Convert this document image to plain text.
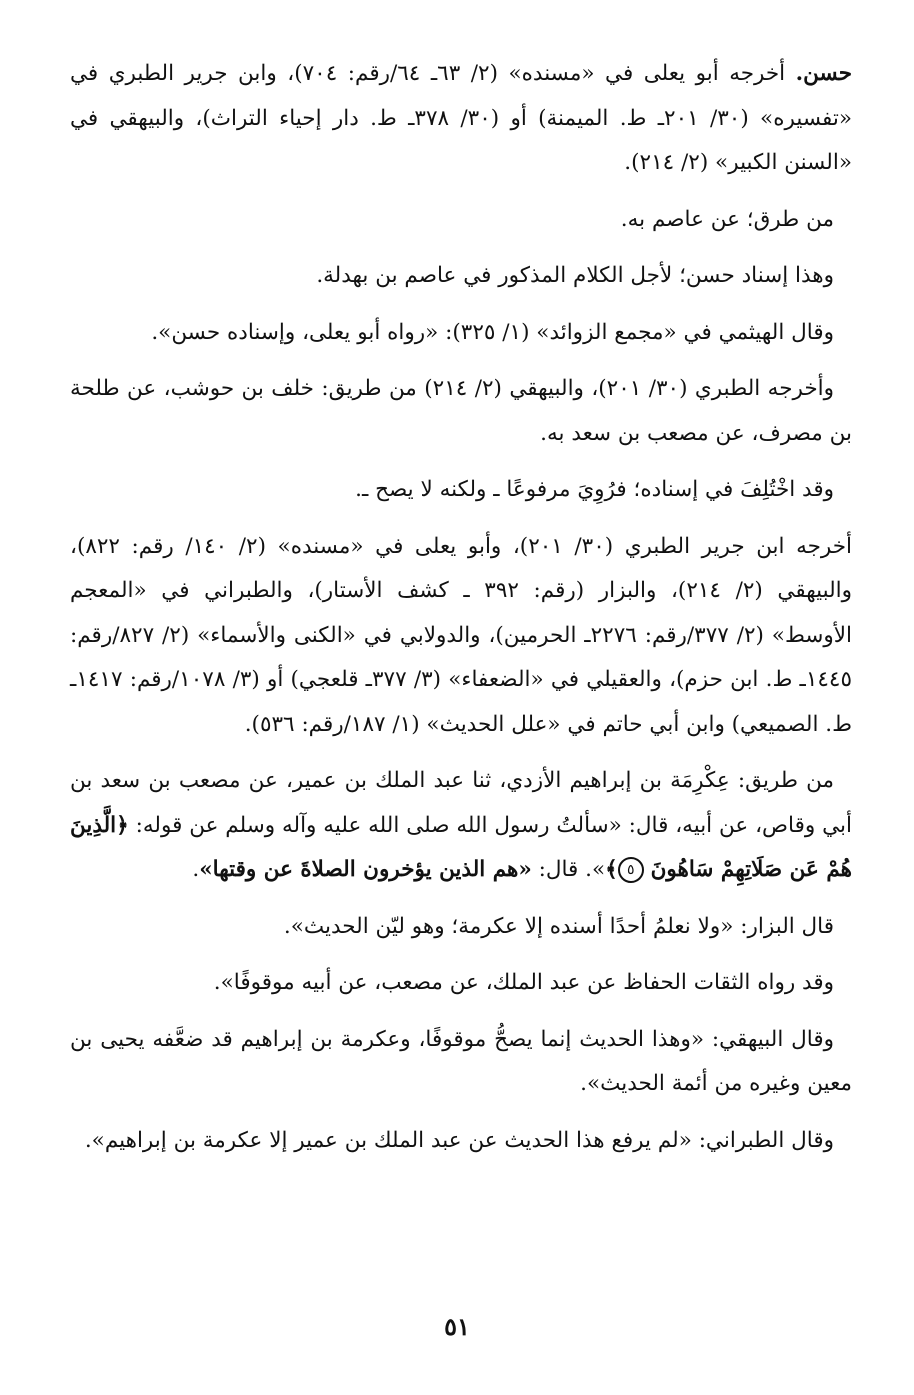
حسن. أخرجه أبو يعلى في «مسنده» (٢/ ٦٣ـ ٦٤/رقم: ٧٠٤)، وابن جرير الطبري في «تفسيره» (٣٠/ ٢٠١ـ ط. الميمنة) أو (٣٠/ ٣٧٨ـ ط. دار إحياء التراث)، والبيهقي في «السنن الكبير» (٢/ ٢١٤).

من طرق؛ عن عاصم به.

وهذا إسناد حسن؛ لأجل الكلام المذكور في عاصم بن بهدلة.

وقال الهيثمي في «مجمع الزوائد» (١/ ٣٢٥): «رواه أبو يعلى، وإسناده حسن».

وأخرجه الطبري (٣٠/ ٢٠١)، والبيهقي (٢/ ٢١٤) من طريق: خلف بن حوشب، عن طلحة بن مصرف، عن مصعب بن سعد به.

وقد اخْتُلِفَ في إسناده؛ فرُوِيَ مرفوعًا ـ ولكنه لا يصح ـ.

أخرجه ابن جرير الطبري (٣٠/ ٢٠١)، وأبو يعلى في «مسنده» (٢/ ١٤٠/ رقم: ٨٢٢)، والبيهقي (٢/ ٢١٤)، والبزار (رقم: ٣٩٢ ـ كشف الأستار)، والطبراني في «المعجم الأوسط» (٢/ ٣٧٧/رقم: ٢٢٧٦ـ الحرمين)، والدولابي في «الكنى والأسماء» (٢/ ٨٢٧/رقم: ١٤٤٥ـ ط. ابن حزم)، والعقيلي في «الضعفاء» (٣/ ٣٧٧ـ قلعجي) أو (٣/ ١٠٧٨/رقم: ١٤١٧ـ ط. الصميعي) وابن أبي حاتم في «علل الحديث» (١/ ١٨٧/رقم: ٥٣٦).

من طريق: عِكْرِمَة بن إبراهيم الأزدي، ثنا عبد الملك بن عمير، عن مصعب بن سعد بن أبي وقاص، عن أبيه، قال: «سألتُ رسول الله صلى الله عليه وآله وسلم عن قوله: ﴿الَّذِينَ هُمْ عَن صَلَاتِهِمْ سَاهُونَ ٥﴾». قال: «هم الذين يؤخرون الصلاةَ عن وقتها».

قال البزار: «ولا نعلمُ أحدًا أسنده إلا عكرمة؛ وهو ليّن الحديث».

وقد رواه الثقات الحفاظ عن عبد الملك، عن مصعب، عن أبيه موقوفًا».

وقال البيهقي: «وهذا الحديث إنما يصحُّ موقوفًا، وعكرمة بن إبراهيم قد ضعَّفه يحيى بن معين وغيره من أئمة الحديث».

وقال الطبراني: «لم يرفع هذا الحديث عن عبد الملك بن عمير إلا عكرمة بن إبراهيم».

٥١
